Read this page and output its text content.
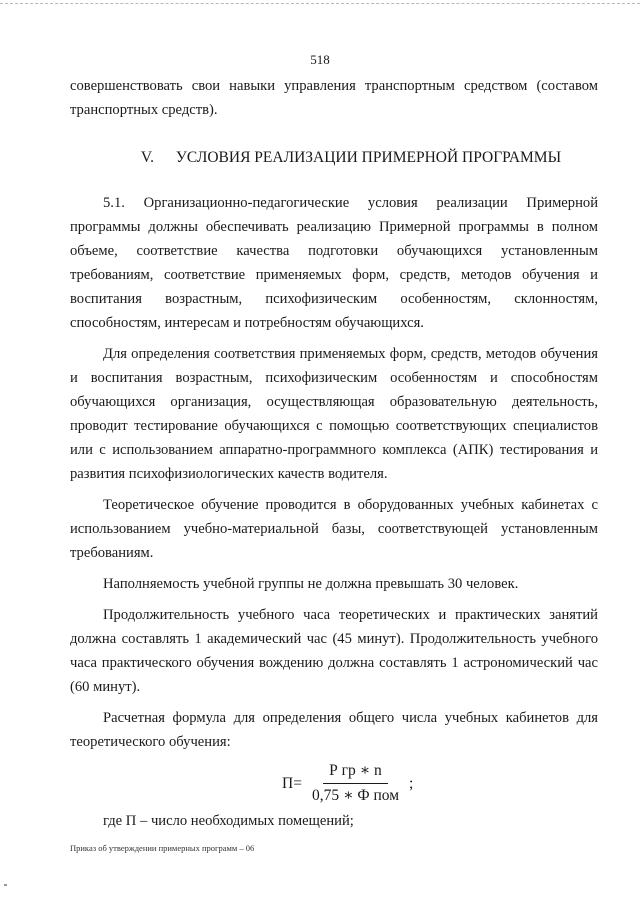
518

совершенствовать свои навыки управления транспортным средством (составом транспортных средств).

V. УСЛОВИЯ РЕАЛИЗАЦИИ ПРИМЕРНОЙ ПРОГРАММЫ

5.1. Организационно-педагогические условия реализации Примерной программы должны обеспечивать реализацию Примерной программы в полном объеме, соответствие качества подготовки обучающихся установленным требованиям, соответствие применяемых форм, средств, методов обучения и воспитания возрастным, психофизическим особенностям, склонностям, способностям, интересам и потребностям обучающихся.

Для определения соответствия применяемых форм, средств, методов обучения и воспитания возрастным, психофизическим особенностям и способностям обучающихся организация, осуществляющая образовательную деятельность, проводит тестирование обучающихся с помощью соответствующих специалистов или с использованием аппаратно-программного комплекса (АПК) тестирования и развития психофизиологических качеств водителя.

Теоретическое обучение проводится в оборудованных учебных кабинетах с использованием учебно-материальной базы, соответствующей установленным требованиям.

Наполняемость учебной группы не должна превышать 30 человек.

Продолжительность учебного часа теоретических и практических занятий должна составлять 1 академический час (45 минут). Продолжительность учебного часа практического обучения вождению должна составлять 1 астрономический час (60 минут).

Расчетная формула для определения общего числа учебных кабинетов для теоретического обучения:

$П = \frac{\text{Р гр ∗ n}}{\text{0,75 ∗ Ф пом}}$ ;

где П – число необходимых помещений;

Приказ об утверждении примерных программ – 06
